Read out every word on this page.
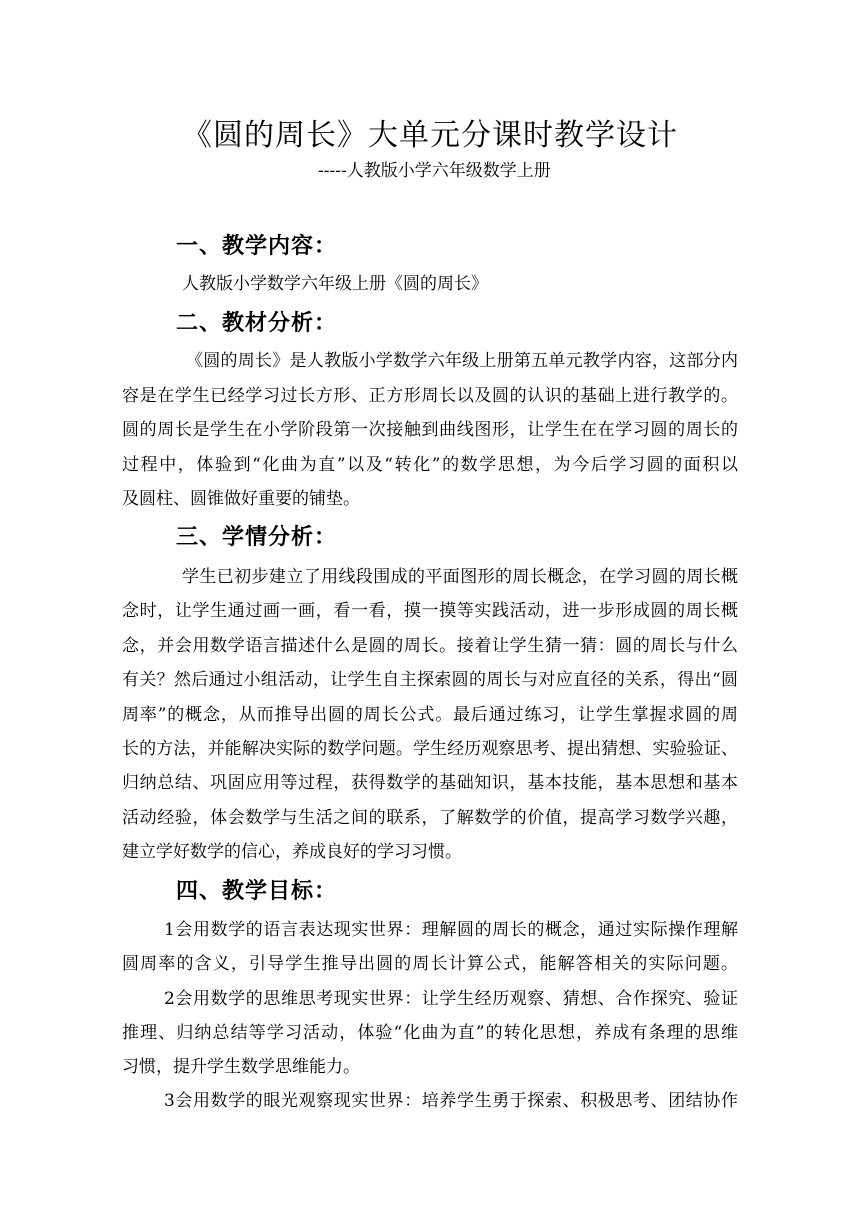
《圆的周长》大单元分课时教学设计
-----人教版小学六年级数学上册
一、教学内容：
人教版小学数学六年级上册《圆的周长》
二、教材分析：
《圆的周长》是人教版小学数学六年级上册第五单元教学内容，这部分内
容是在学生已经学习过长方形、正方形周长以及圆的认识的基础上进行教学的。
圆的周长是学生在小学阶段第一次接触到曲线图形，让学生在在学习圆的周长的
过程中，体验到“化曲为直”以及“转化”的数学思想，为今后学习圆的面积以
及圆柱、圆锥做好重要的铺垫。
三、学情分析：
学生已初步建立了用线段围成的平面图形的周长概念，在学习圆的周长概
念时，让学生通过画一画，看一看，摸一摸等实践活动，进一步形成圆的周长概
念，并会用数学语言描述什么是圆的周长。接着让学生猜一猜：圆的周长与什么
有关？然后通过小组活动，让学生自主探索圆的周长与对应直径的关系，得出“圆
周率”的概念，从而推导出圆的周长公式。最后通过练习，让学生掌握求圆的周
长的方法，并能解决实际的数学问题。学生经历观察思考、提出猜想、实验验证、
归纳总结、巩固应用等过程，获得数学的基础知识，基本技能，基本思想和基本
活动经验，体会数学与生活之间的联系，了解数学的价值，提高学习数学兴趣，
建立学好数学的信心，养成良好的学习习惯。
四、教学目标：
1会用数学的语言表达现实世界：理解圆的周长的概念，通过实际操作理解
圆周率的含义，引导学生推导出圆的周长计算公式，能解答相关的实际问题。
2会用数学的思维思考现实世界：让学生经历观察、猜想、合作探究、验证
推理、归纳总结等学习活动，体验“化曲为直”的转化思想，养成有条理的思维
习惯，提升学生数学思维能力。
3会用数学的眼光观察现实世界：培养学生勇于探索、积极思考、团结协作
